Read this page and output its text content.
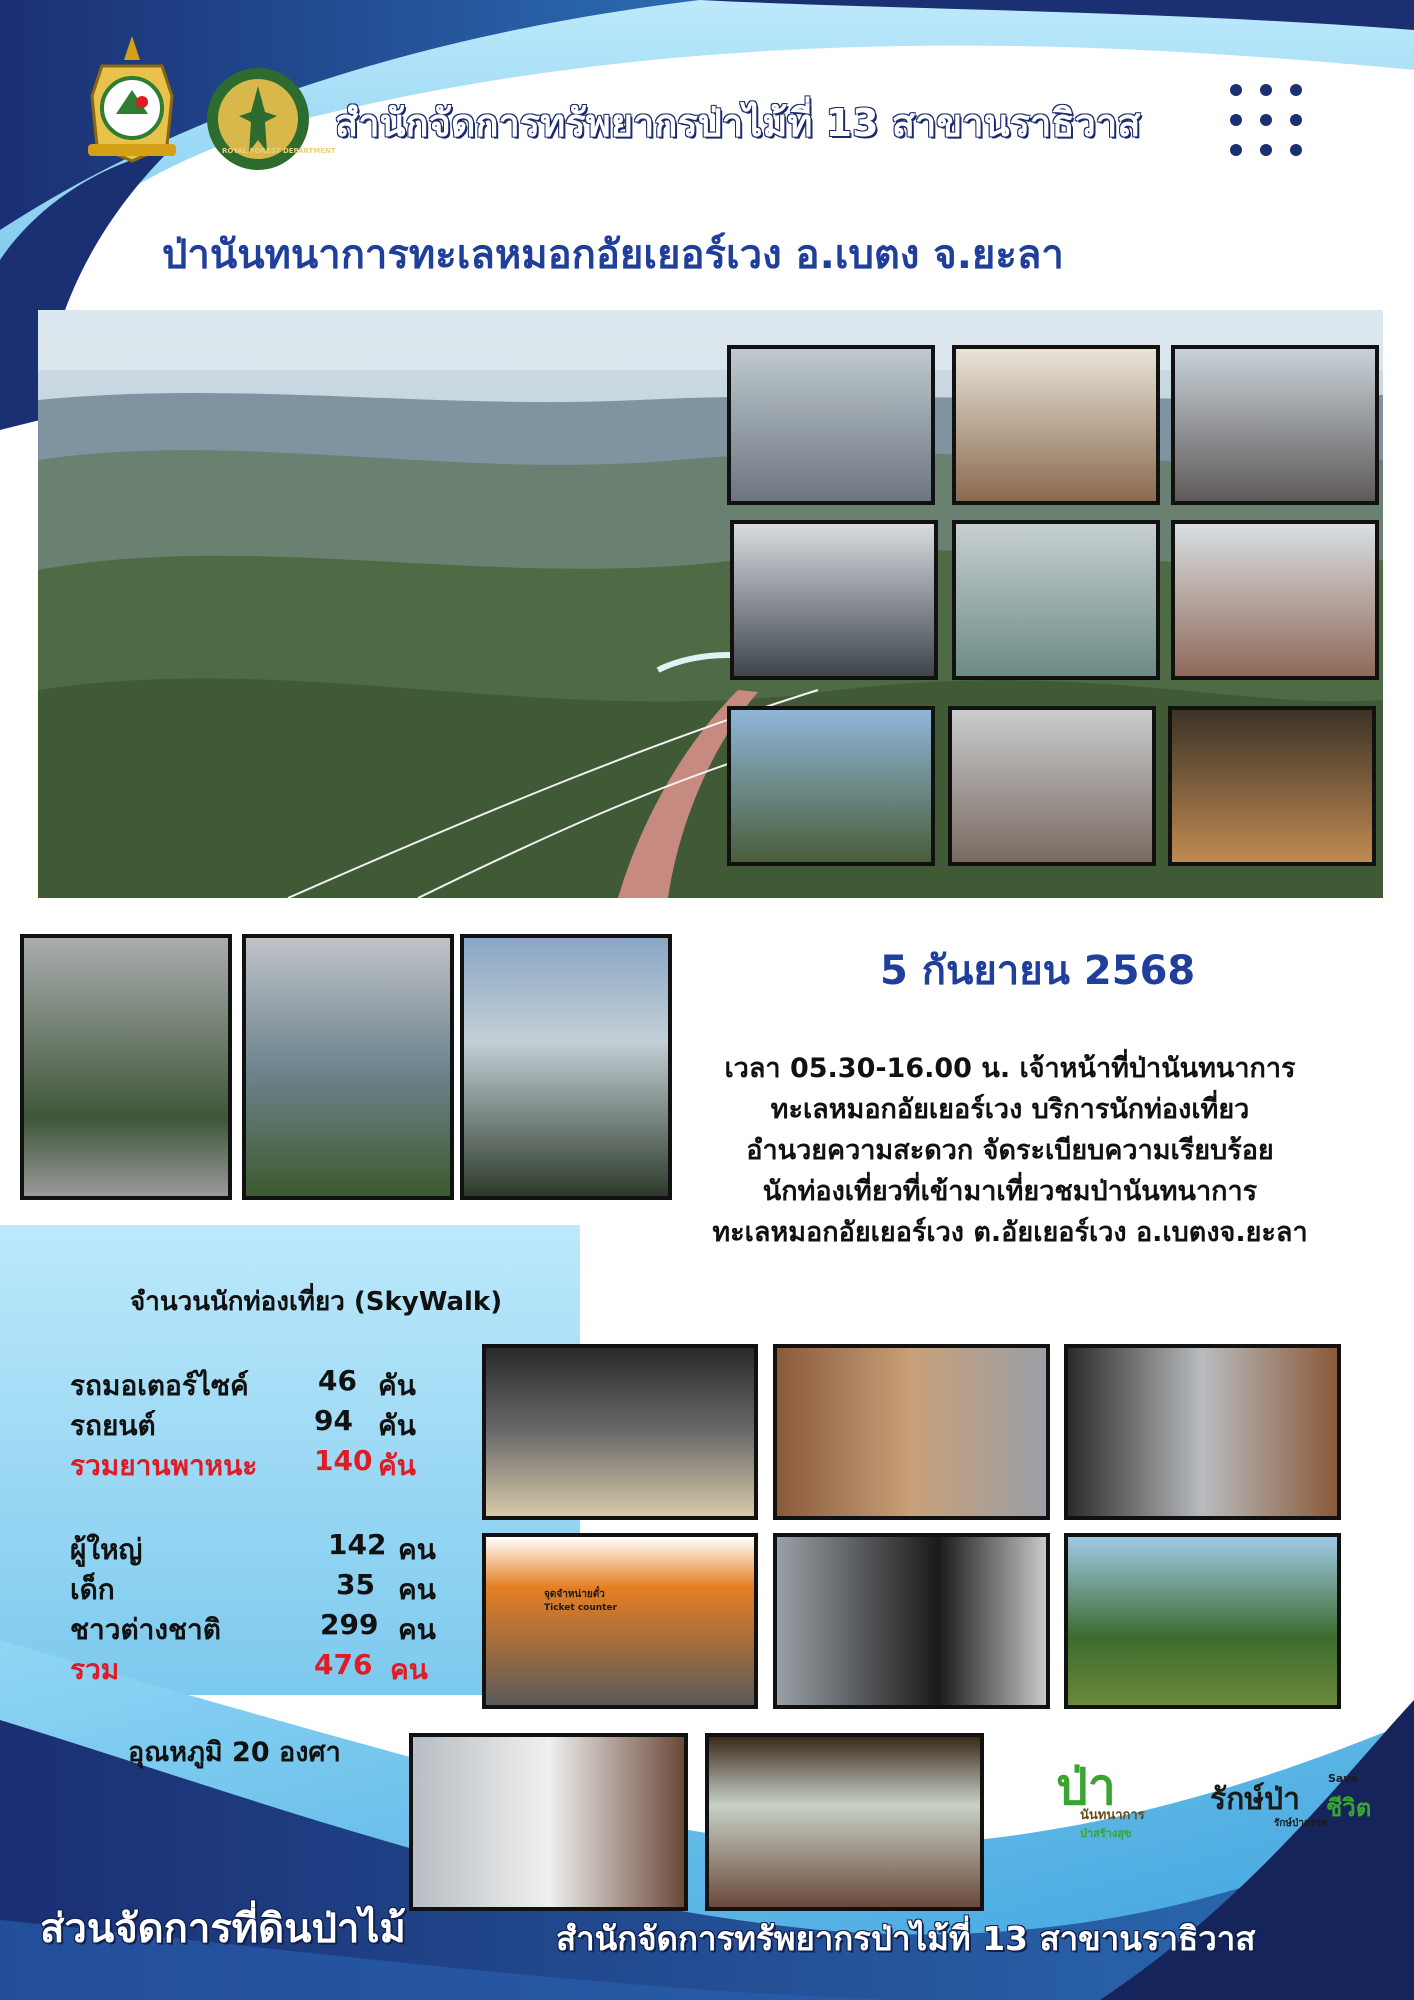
ROYAL FOREST DEPARTMENT
สำนักจัดการทรัพยากรป่าไม้ที่ 13 สาขานราธิวาส
ป่านันทนาการทะเลหมอกอัยเยอร์เวง อ.เบตง จ.ยะลา
5 กันยายน 2568
เวลา 05.30-16.00 น. เจ้าหน้าที่ป่านันทนาการ
ทะเลหมอกอัยเยอร์เวง บริการนักท่องเที่ยว
อำนวยความสะดวก จัดระเบียบความเรียบร้อย
นักท่องเที่ยวที่เข้ามาเที่ยวชมป่านันทนาการ
ทะเลหมอกอัยเยอร์เวง ต.อัยเยอร์เวง อ.เบตงจ.ยะลา
จำนวนนักท่องเที่ยว (SkyWalk)
รถมอเตอร์ไซค์ 46 คัน
รถยนต์	94 คัน
รวมยานพาหนะ 140 คัน
ผู้ใหญ่	142 คน
เด็ก	35 คน
ชาวต่างชาติ	299 คน
รวม	476 คน
อุณหภูมิ 20 องศา
จุดจำหน่ายตั๋ว
Ticket counter
ป่า
นันทนาการ
ป่าสร้างสุข
รักษ์ป่า
Save
ชีวิต
รักษ์ป่าสรรพ
ส่วนจัดการที่ดินป่าไม้	สำนักจัดการทรัพยากรป่าไม้ที่ 13 สาขานราธิวาส
